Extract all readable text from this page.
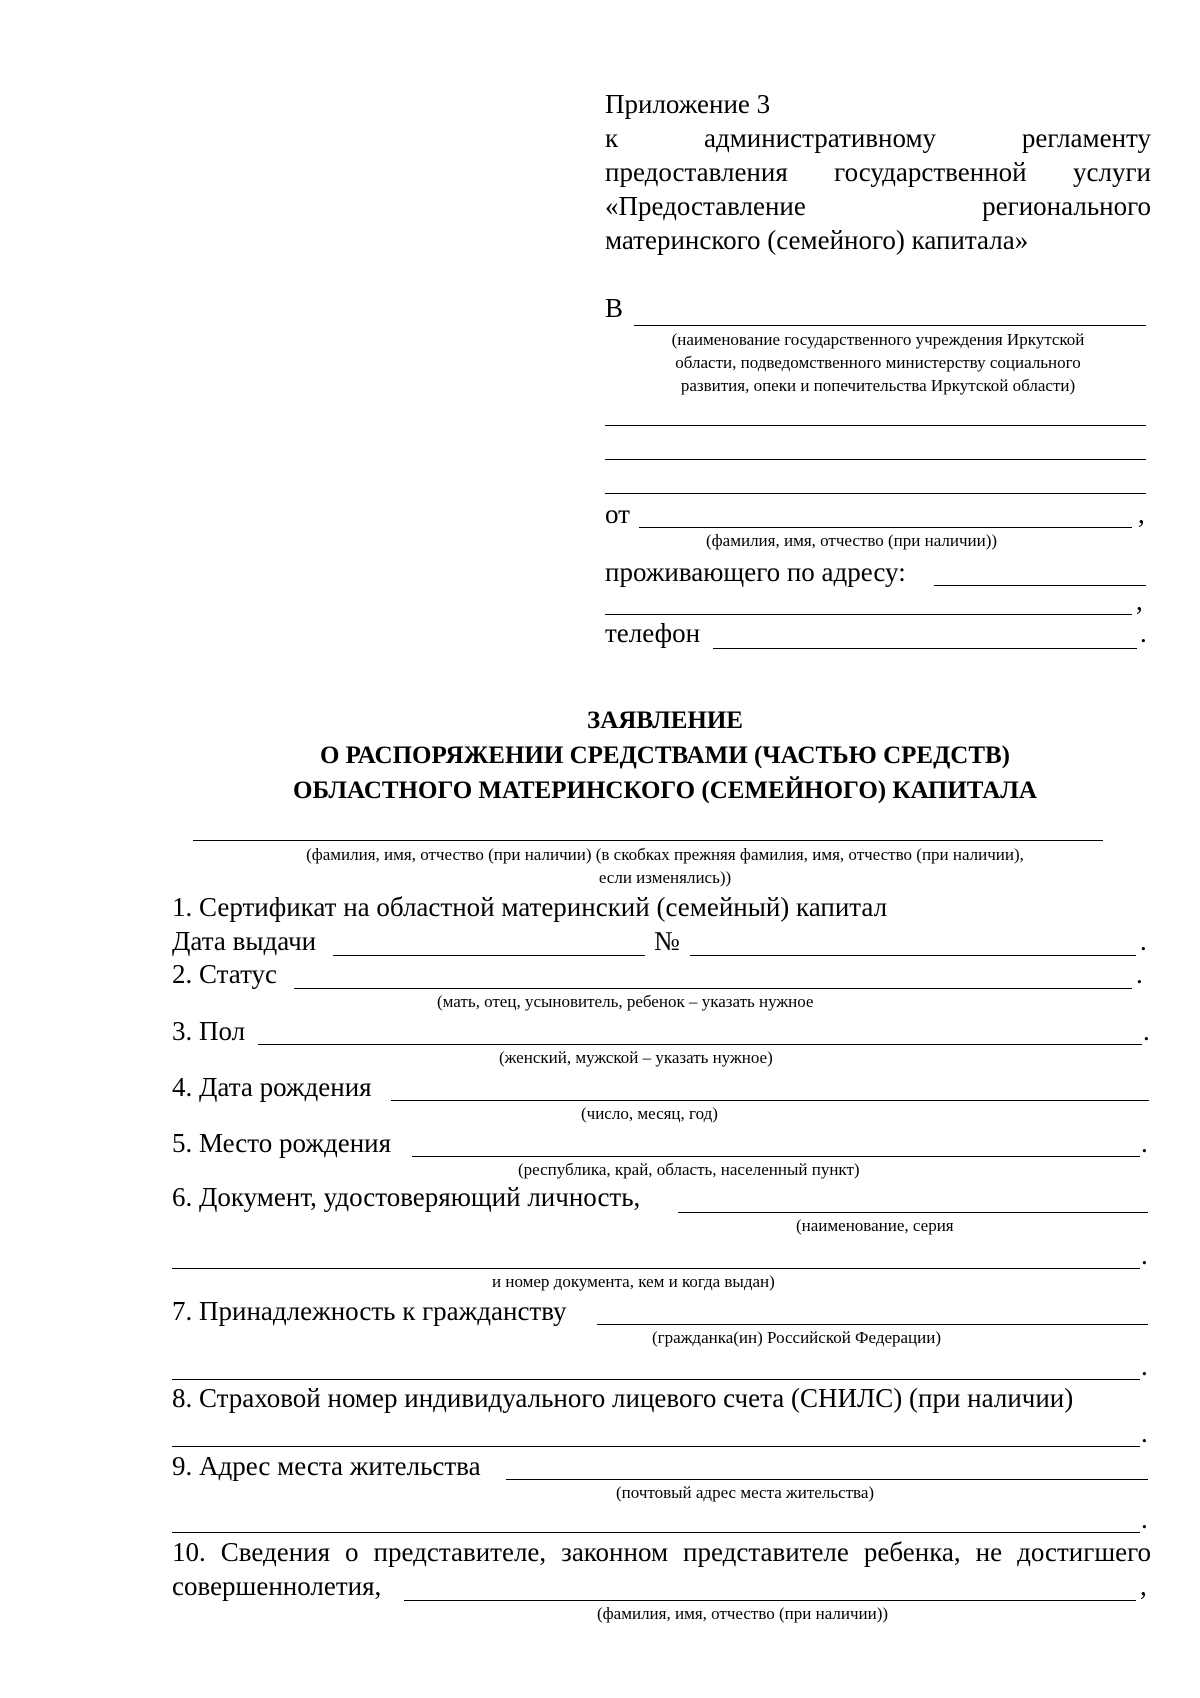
Приложение 3
к административному регламенту
предоставления государственной услуги
«Предоставление регионального
материнского (семейного) капитала»
В
(наименование государственного учреждения Иркутской
области, подведомственного министерству социального
развития, опеки и попечительства Иркутской области)
от	,
(фамилия, имя, отчество (при наличии))
проживающего по адресу:
,
телефон	.
ЗАЯВЛЕНИЕ
О РАСПОРЯЖЕНИИ СРЕДСТВАМИ (ЧАСТЬЮ СРЕДСТВ)
ОБЛАСТНОГО МАТЕРИНСКОГО (СЕМЕЙНОГО) КАПИТАЛА
(фамилия, имя, отчество (при наличии) (в скобках прежняя фамилия, имя, отчество (при наличии),
если изменялись))
1. Сертификат на областной материнский (семейный) капитал
Дата выдачи	№	.
2. Статус	.
(мать, отец, усыновитель, ребенок – указать нужное
3. Пол	.
(женский, мужской – указать нужное)
4. Дата рождения
(число, месяц, год)
5. Место рождения	.
(республика, край, область, населенный пункт)
6. Документ, удостоверяющий личность,
(наименование, серия
.
и номер документа, кем и когда выдан)
7. Принадлежность к гражданству
(гражданка(ин) Российской Федерации)
.
8. Страховой номер индивидуального лицевого счета (СНИЛС) (при наличии)
.
9. Адрес места жительства
(почтовый адрес места жительства)
.
10. Сведения о представителе, законном представителе ребенка, не достигшего
совершеннолетия,	,
(фамилия, имя, отчество (при наличии))
